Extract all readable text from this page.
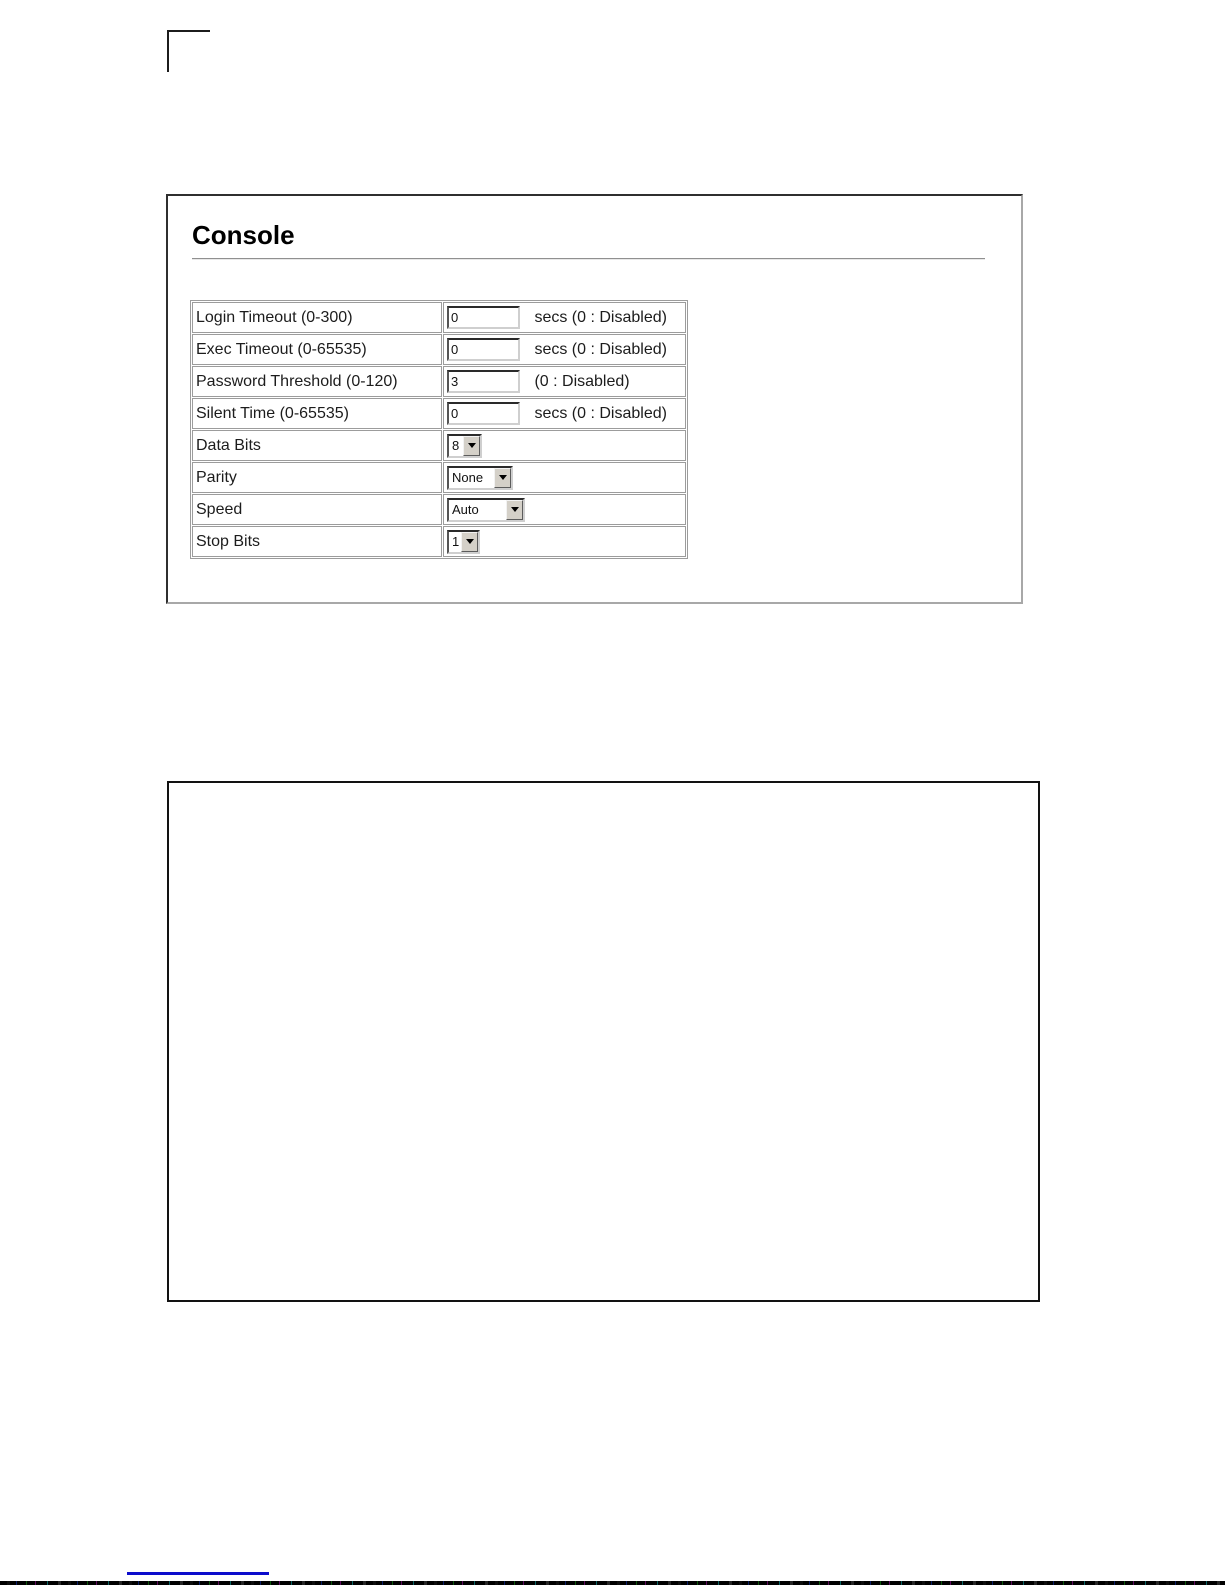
Console
Login Timeout (0-300)	0secs (0 : Disabled)
Exec Timeout (0-65535)	0secs (0 : Disabled)
Password Threshold (0-120)	3(0 : Disabled)
Silent Time (0-65535)	0secs (0 : Disabled)
Data Bits	8

Parity	None

Speed	Auto

Stop Bits	1
